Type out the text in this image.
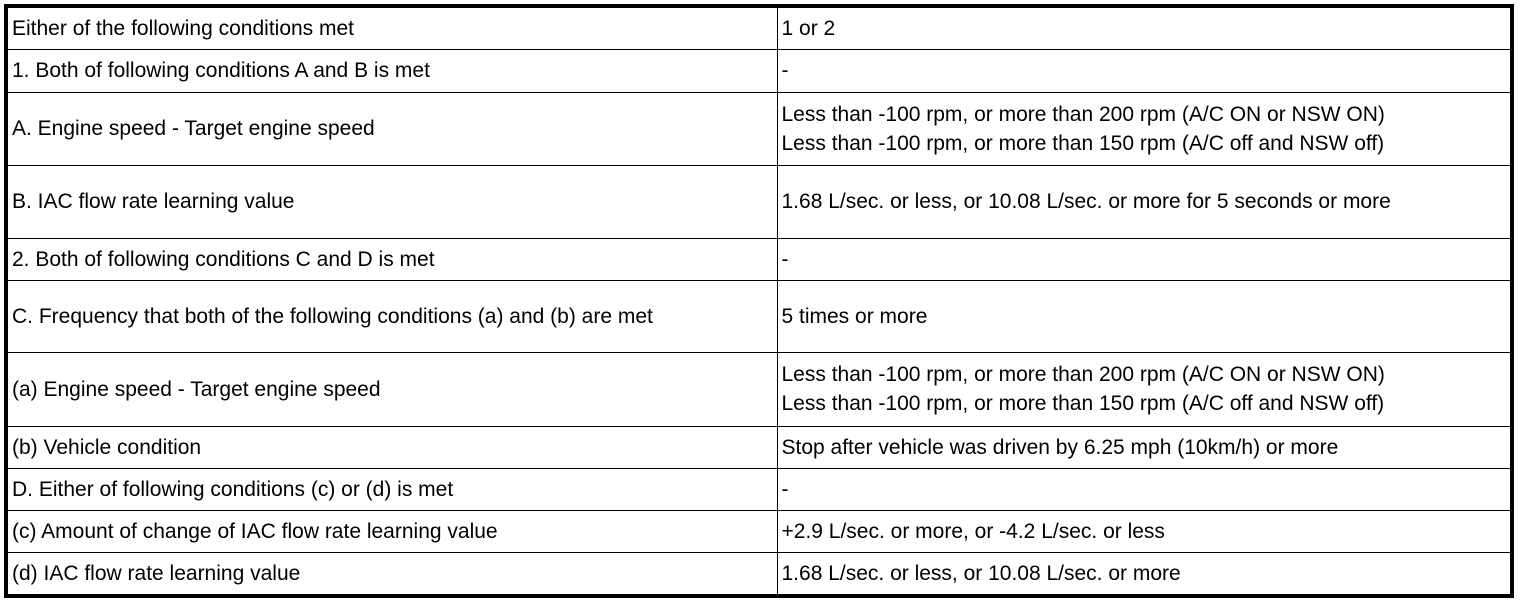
Either of the following conditions met	1 or 2

1. Both of following conditions A and B is met	-

A. Engine speed - Target engine speed	Less than -100 rpm, or more than 200 rpm (A/C ON or NSW ON)
Less than -100 rpm, or more than 150 rpm (A/C off and NSW off)

B. IAC flow rate learning value	1.68 L/sec. or less, or 10.08 L/sec. or more for 5 seconds or more

2. Both of following conditions C and D is met	-

C. Frequency that both of the following conditions (a) and (b) are met	5 times or more

(a) Engine speed - Target engine speed	Less than -100 rpm, or more than 200 rpm (A/C ON or NSW ON)
Less than -100 rpm, or more than 150 rpm (A/C off and NSW off)

(b) Vehicle condition	Stop after vehicle was driven by 6.25 mph (10km/h) or more

D. Either of following conditions (c) or (d) is met	-

(c) Amount of change of IAC flow rate learning value	+2.9 L/sec. or more, or -4.2 L/sec. or less

(d) IAC flow rate learning value	1.68 L/sec. or less, or 10.08 L/sec. or more
